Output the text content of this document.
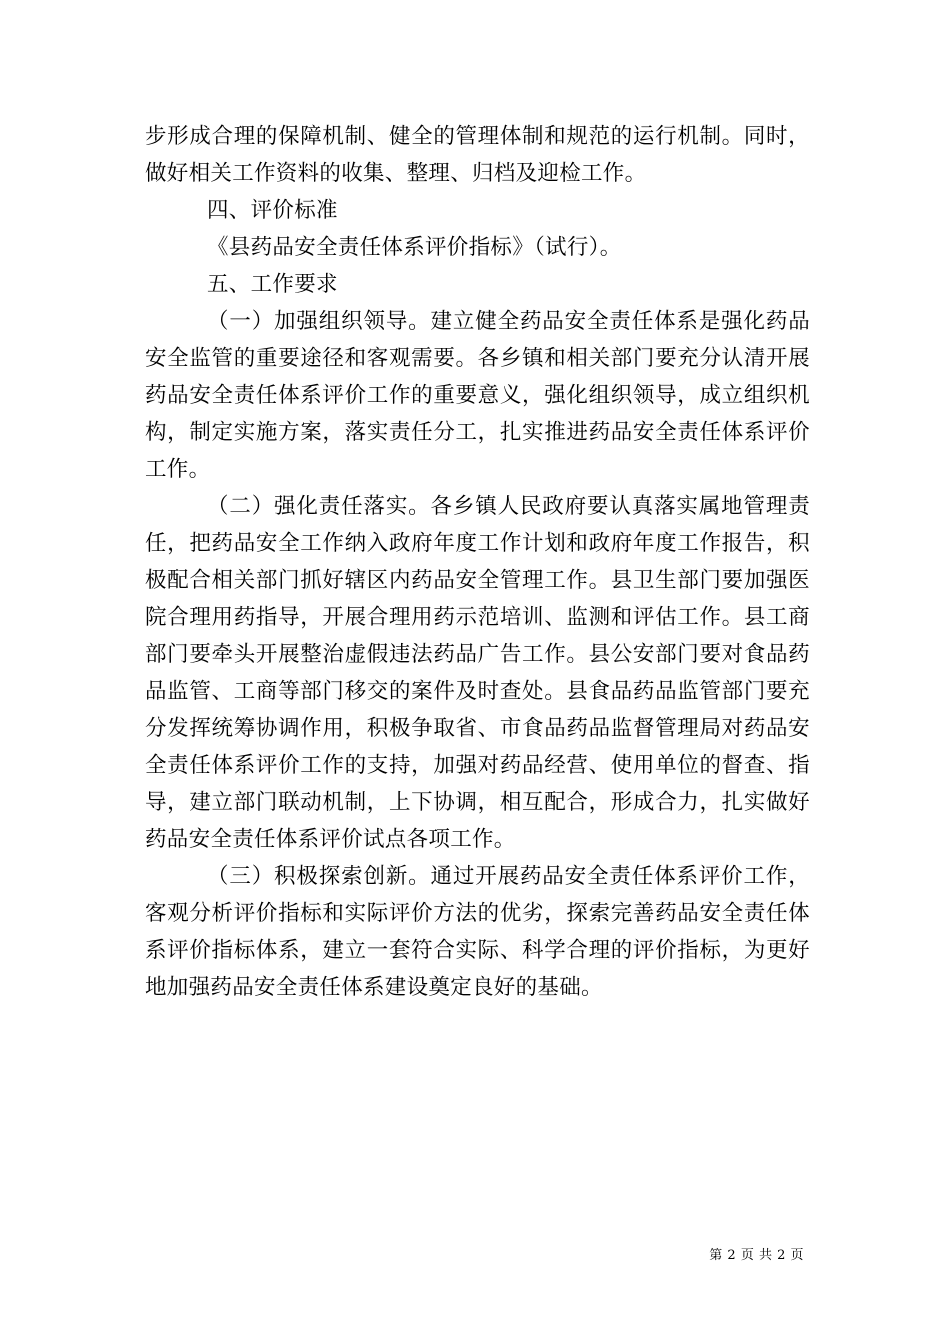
步形成合理的保障机制、健全的管理体制和规范的运行机制。同时，做好相关工作资料的收集、整理、归档及迎检工作。

四、评价标准

《县药品安全责任体系评价指标》（试行）。

五、工作要求

（一）加强组织领导。建立健全药品安全责任体系是强化药品安全监管的重要途径和客观需要。各乡镇和相关部门要充分认清开展药品安全责任体系评价工作的重要意义，强化组织领导，成立组织机构，制定实施方案，落实责任分工，扎实推进药品安全责任体系评价工作。

（二）强化责任落实。各乡镇人民政府要认真落实属地管理责任，把药品安全工作纳入政府年度工作计划和政府年度工作报告，积极配合相关部门抓好辖区内药品安全管理工作。县卫生部门要加强医院合理用药指导，开展合理用药示范培训、监测和评估工作。县工商部门要牵头开展整治虚假违法药品广告工作。县公安部门要对食品药品监管、工商等部门移交的案件及时查处。县食品药品监管部门要充分发挥统筹协调作用，积极争取省、市食品药品监督管理局对药品安全责任体系评价工作的支持，加强对药品经营、使用单位的督查、指导，建立部门联动机制，上下协调，相互配合，形成合力，扎实做好药品安全责任体系评价试点各项工作。

（三）积极探索创新。通过开展药品安全责任体系评价工作，客观分析评价指标和实际评价方法的优劣，探索完善药品安全责任体系评价指标体系，建立一套符合实际、科学合理的评价指标，为更好地加强药品安全责任体系建设奠定良好的基础。

第 2 页 共 2 页
